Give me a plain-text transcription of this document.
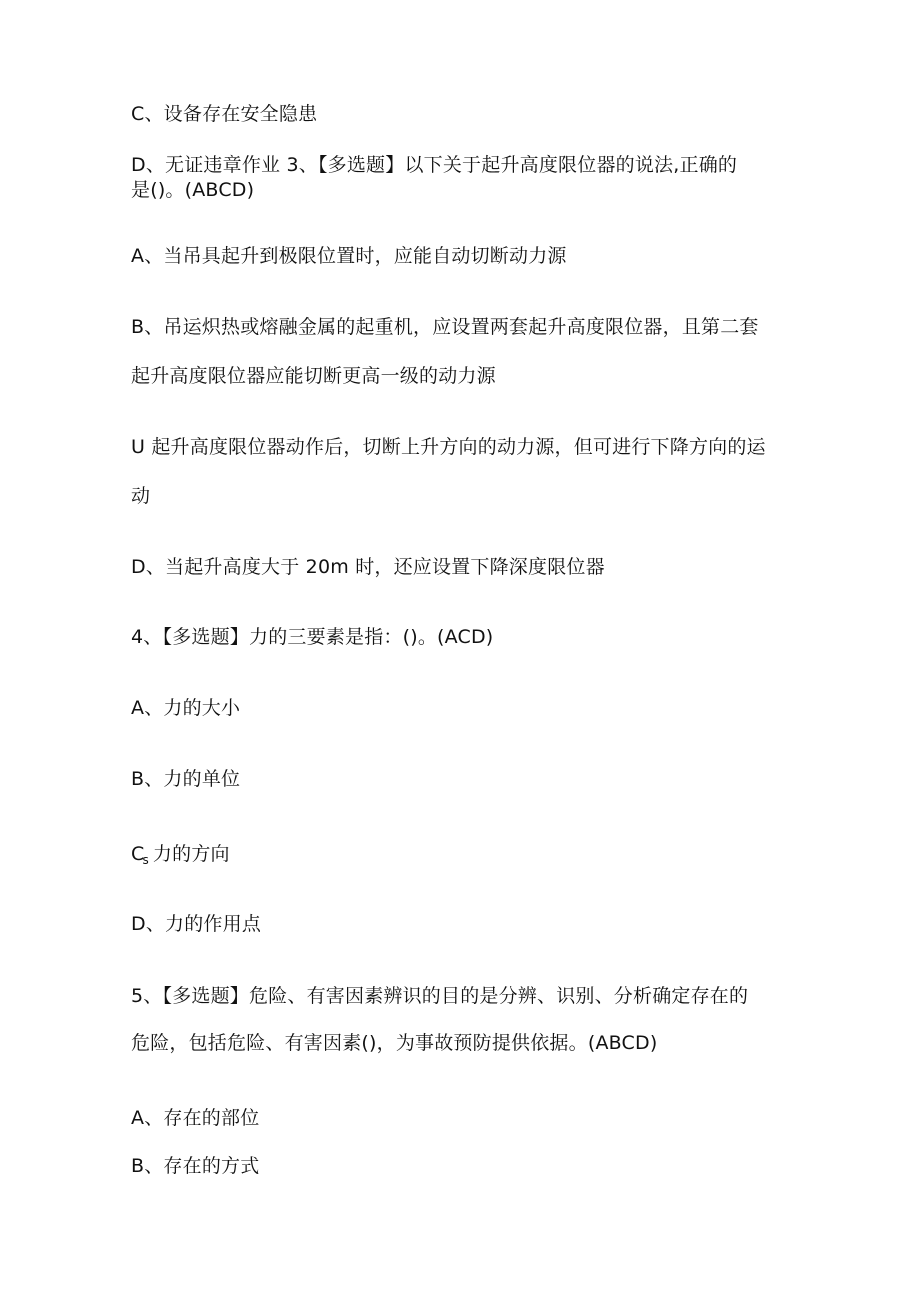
C、设备存在安全隐患
D、无证违章作业 3、【多选题】以下关于起升高度限位器的说法,正确的
是()。(ABCD)
A、当吊具起升到极限位置时，应能自动切断动力源
B、吊运炽热或熔融金属的起重机，应设置两套起升高度限位器，且第二套
起升高度限位器应能切断更高一级的动力源
U 起升高度限位器动作后，切断上升方向的动力源，但可进行下降方向的运
动
D、当起升高度大于 20m 时，还应设置下降深度限位器
4、【多选题】力的三要素是指：()。(ACD)
A、力的大小
B、力的单位
$C_s$ 力的方向
D、力的作用点
5、【多选题】危险、有害因素辨识的目的是分辨、识别、分析确定存在的
危险，包括危险、有害因素()，为事故预防提供依据。(ABCD)
A、存在的部位
B、存在的方式
